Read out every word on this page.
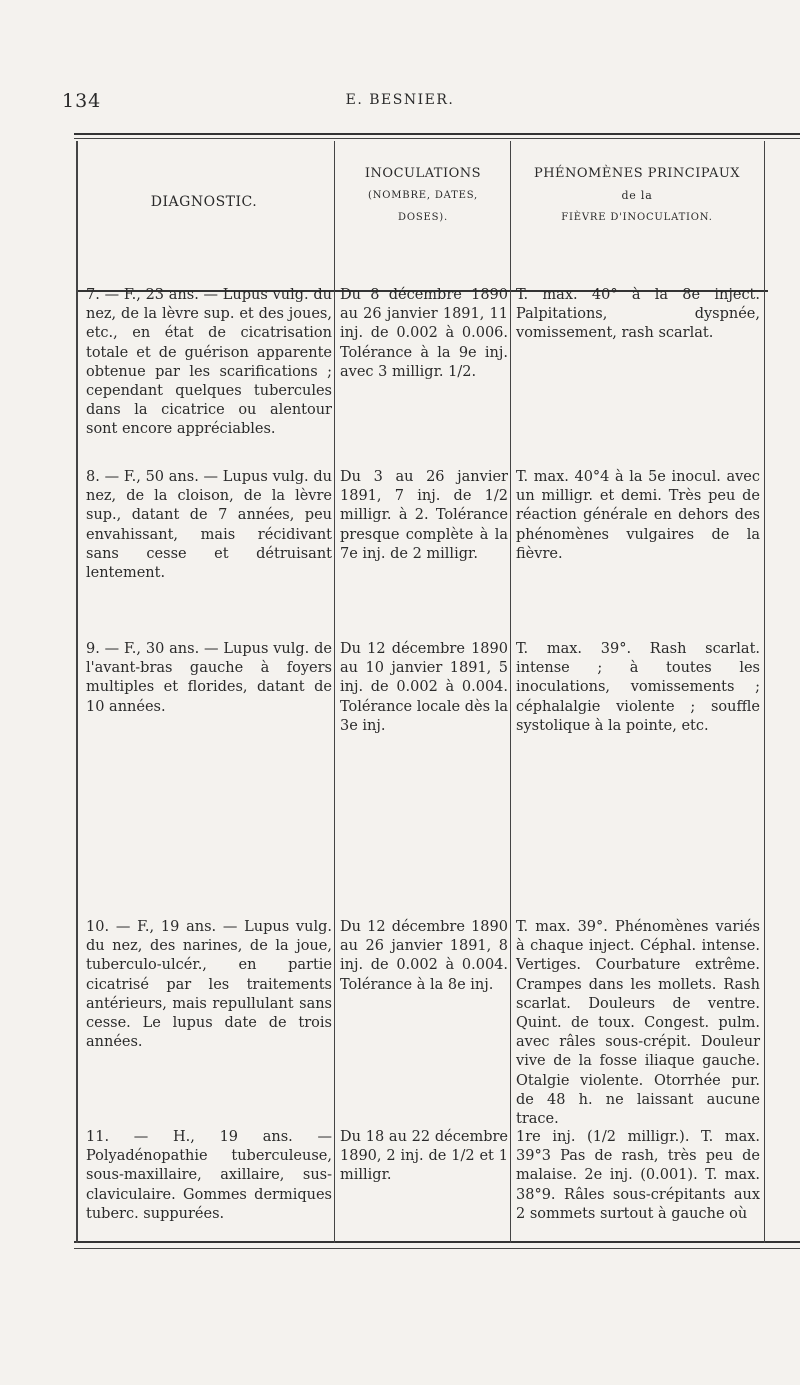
134	E. BESNIER.
DIAGNOSTIC.
INOCULATIONS
(NOMBRE, DATES,
DOSES).
PHÉNOMÈNES PRINCIPAUX
de la
FIÈVRE D'INOCULATION.
7. — F., 23 ans. — Lupus vulg. du nez, de la lèvre sup. et des joues, etc., en état de cicatrisation totale et de guérison apparente obtenue par les scarifications ; cependant quelques tubercules dans la cicatrice ou alentour sont encore appréciables.
Du 8 décembre 1890 au 26 janvier 1891, 11 inj. de 0.002 à 0.006. Tolérance à la 9e inj. avec 3 milligr. 1/2.
T. max. 40° à la 8e inject. Palpitations, dyspnée, vomissement, rash scarlat.
8. — F., 50 ans. — Lupus vulg. du nez, de la cloison, de la lèvre sup., datant de 7 années, peu envahissant, mais récidivant sans cesse et détruisant lentement.
Du 3 au 26 janvier 1891, 7 inj. de 1/2 milligr. à 2. Tolérance presque complète à la 7e inj. de 2 milligr.
T. max. 40°4 à la 5e inocul. avec un milligr. et demi. Très peu de réaction générale en dehors des phénomènes vulgaires de la fièvre.
9. — F., 30 ans. — Lupus vulg. de l'avant-bras gauche à foyers multiples et florides, datant de 10 années.
Du 12 décembre 1890 au 10 janvier 1891, 5 inj. de 0.002 à 0.004. Tolérance locale dès la 3e inj.
T. max. 39°. Rash scarlat. intense ; à toutes les inoculations, vomissements ; céphalalgie violente ; souffle systolique à la pointe, etc.
10. — F., 19 ans. — Lupus vulg. du nez, des narines, de la joue, tuberculo-ulcér., en partie cicatrisé par les traitements antérieurs, mais repullulant sans cesse. Le lupus date de trois années.
Du 12 décembre 1890 au 26 janvier 1891, 8 inj. de 0.002 à 0.004. Tolérance à la 8e inj.
T. max. 39°. Phénomènes variés à chaque inject. Céphal. intense. Vertiges. Courbature extrême. Crampes dans les mollets. Rash scarlat. Douleurs de ventre. Quint. de toux. Congest. pulm. avec râles sous-crépit. Douleur vive de la fosse iliaque gauche. Otalgie violente. Otorrhée pur. de 48 h. ne laissant aucune trace.
11. — H., 19 ans. — Polyadénopathie tuberculeuse, sous-maxillaire, axillaire, sus-claviculaire. Gommes dermiques tuberc. suppurées.
Du 18 au 22 décembre 1890, 2 inj. de 1/2 et 1 milligr.
1re inj. (1/2 milligr.). T. max. 39°3 Pas de rash, très peu de malaise. 2e inj. (0.001). T. max. 38°9. Râles sous-crépitants aux 2 sommets surtout à gauche où
